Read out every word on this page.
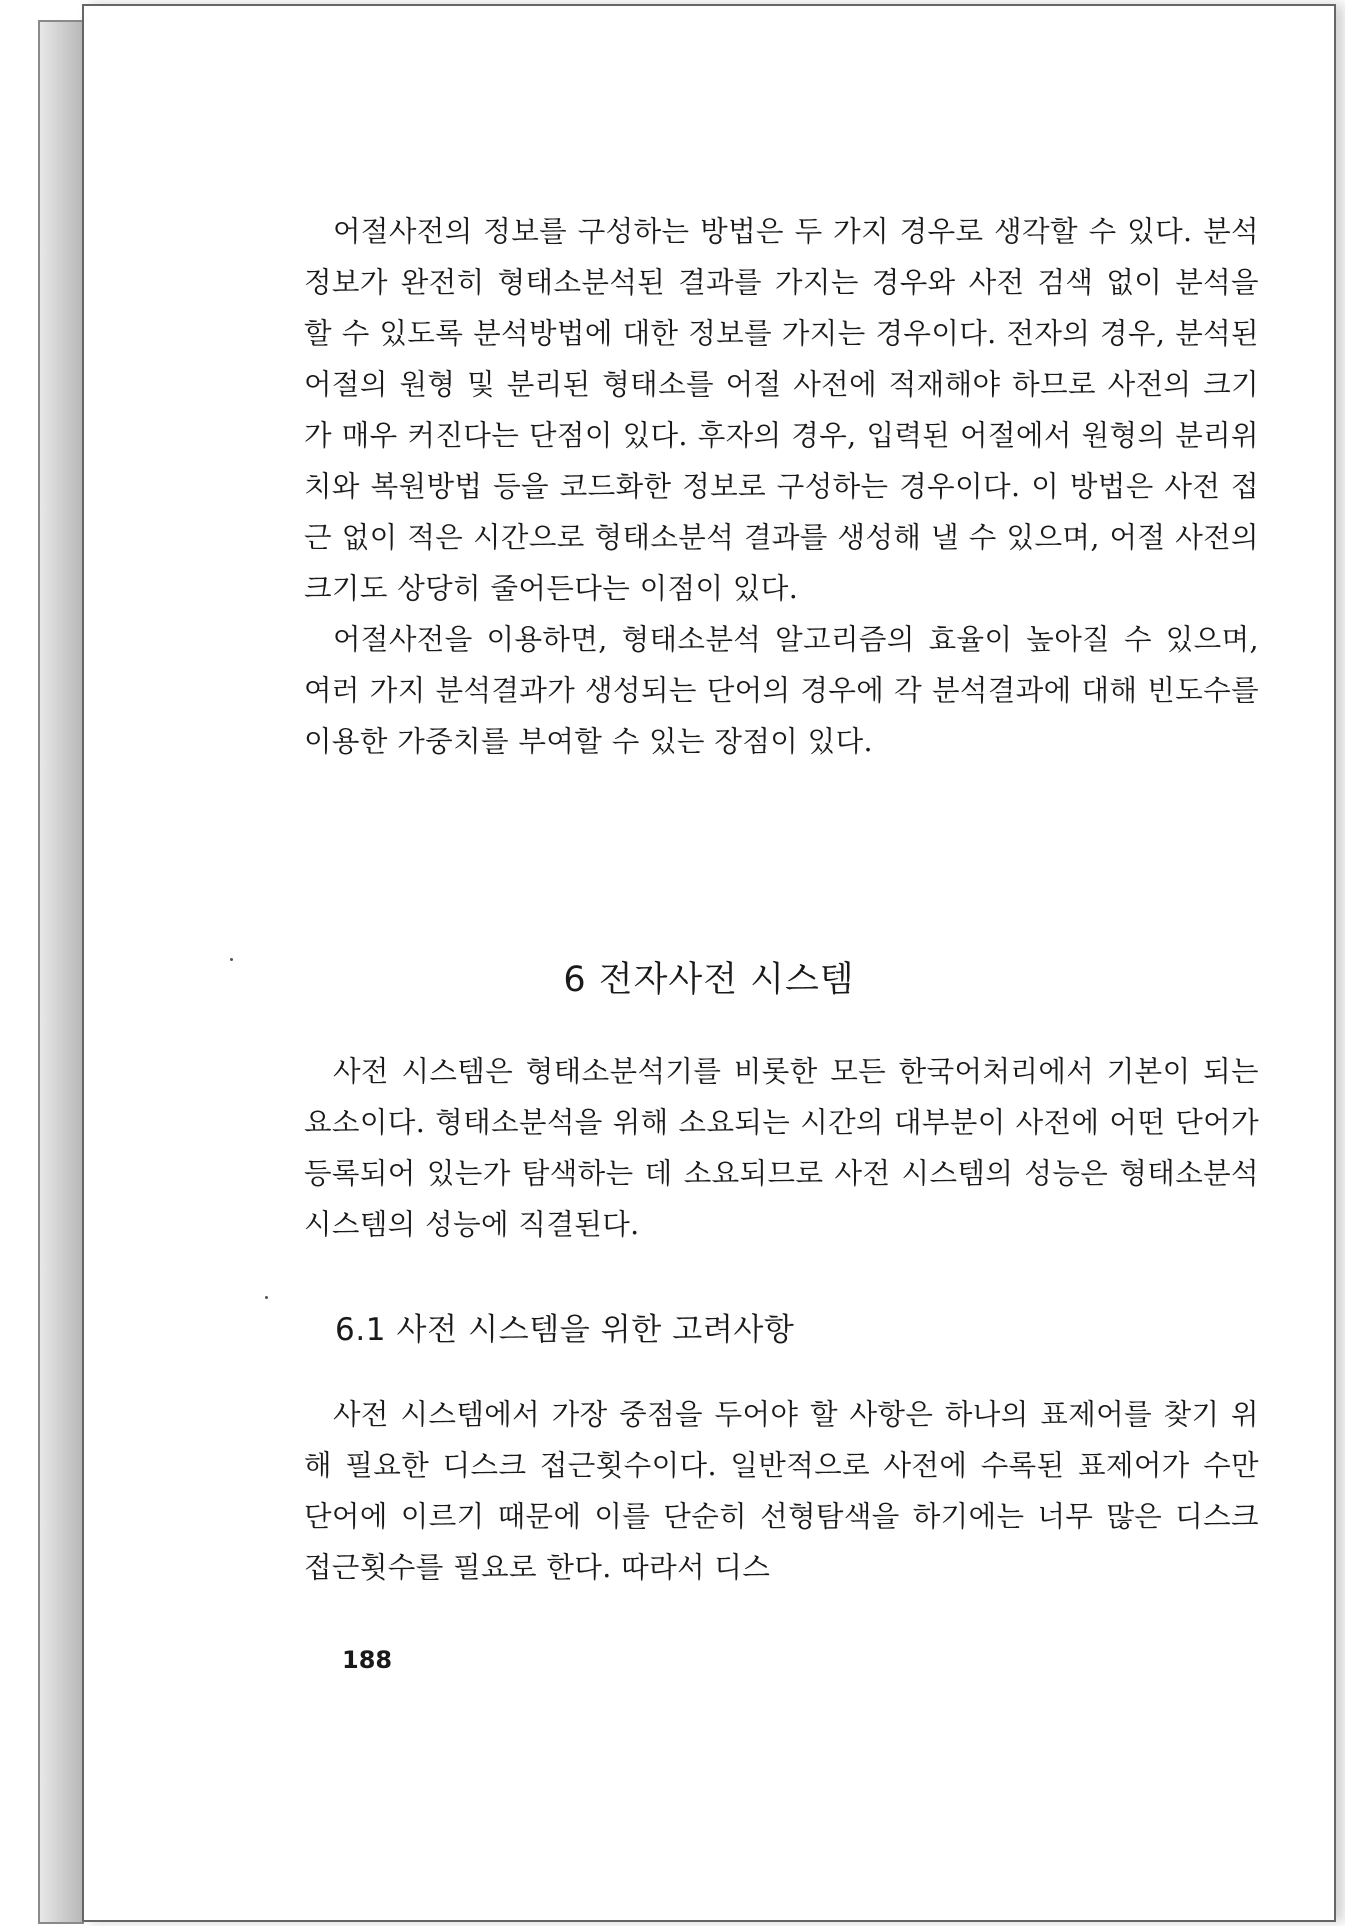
어절사전의 정보를 구성하는 방법은 두 가지 경우로 생각할 수 있다. 분석정보가 완전히 형태소분석된 결과를 가지는 경우와 사전 검색 없이 분석을 할 수 있도록 분석방법에 대한 정보를 가지는 경우이다. 전자의 경우, 분석된 어절의 원형 및 분리된 형태소를 어절 사전에 적재해야 하므로 사전의 크기가 매우 커진다는 단점이 있다. 후자의 경우, 입력된 어절에서 원형의 분리위치와 복원방법 등을 코드화한 정보로 구성하는 경우이다. 이 방법은 사전 접근 없이 적은 시간으로 형태소분석 결과를 생성해 낼 수 있으며, 어절 사전의 크기도 상당히 줄어든다는 이점이 있다.

어절사전을 이용하면, 형태소분석 알고리즘의 효율이 높아질 수 있으며, 여러 가지 분석결과가 생성되는 단어의 경우에 각 분석결과에 대해 빈도수를 이용한 가중치를 부여할 수 있는 장점이 있다.

6 전자사전 시스템

사전 시스템은 형태소분석기를 비롯한 모든 한국어처리에서 기본이 되는 요소이다. 형태소분석을 위해 소요되는 시간의 대부분이 사전에 어떤 단어가 등록되어 있는가 탐색하는 데 소요되므로 사전 시스템의 성능은 형태소분석 시스템의 성능에 직결된다.

6.1 사전 시스템을 위한 고려사항

사전 시스템에서 가장 중점을 두어야 할 사항은 하나의 표제어를 찾기 위해 필요한 디스크 접근횟수이다. 일반적으로 사전에 수록된 표제어가 수만 단어에 이르기 때문에 이를 단순히 선형탐색을 하기에는 너무 많은 디스크 접근횟수를 필요로 한다. 따라서 디스

188
